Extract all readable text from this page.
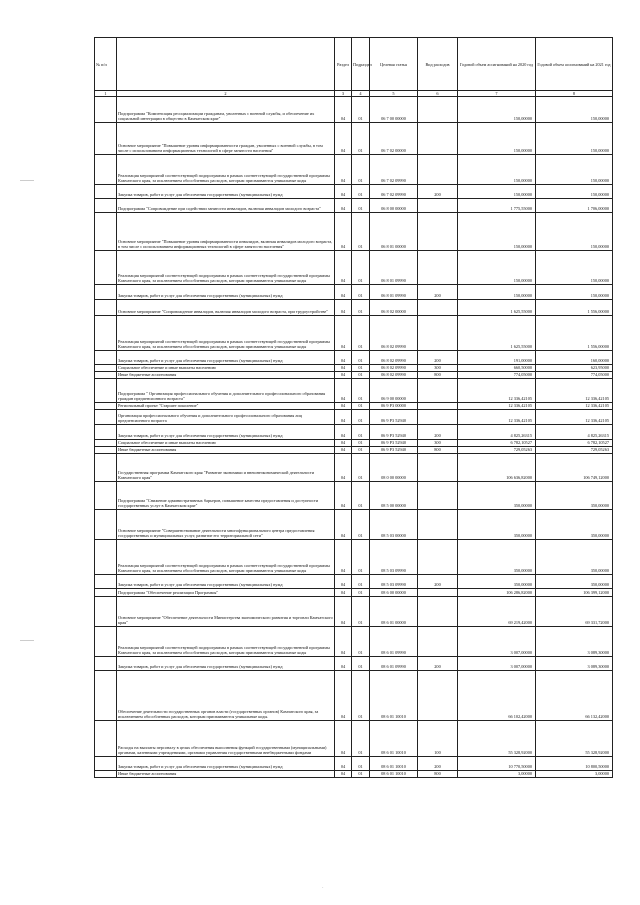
№ п/п		Раздел	Подраздел	Целевая статья	Вид расходов	Годовой объем ассигнований на 2020 год	Годовой объем ассигнований на 2021 год
1	2	3	4	5	6	7	8
	Подпрограмма "Компенсация ресоциализации гражданам, уволенных с военной службы, и обеспечение их социальной интеграции в общество в Камчатском крае"	04	01	06 7 00 00000		150,00000	150,00000
	Основное мероприятие "Повышение уровня информированности граждан, уволенных с военной службы, в том числе с использованием информационных технологий в сфере занятости населения"	04	01	06 7 02 00000		150,00000	150,00000
	Реализация мероприятий соответствующей подпрограммы в рамках соответствующей государственной программы Камчатского края, за исключением обособленных расходов, которым присваиваются уникальные коды	04	01	06 7 02 09990		150,00000	150,00000
	Закупка товаров, работ и услуг для обеспечения государственных (муниципальных) нужд	04	01	06 7 02 09990	200	150,00000	150,00000
	Подпрограмма "Сопровождение при содействии занятости инвалидов, включая инвалидов молодого возраста"	04	01	06 8 00 00000		1 775,55000	1 706,00000
	Основное мероприятие "Повышение уровня информированности инвалидов, включая инвалидов молодого возраста, в том числе с использованием информационных технологий в сфере занятости населения"	04	01	06 8 01 00000		150,00000	150,00000
	Реализация мероприятий соответствующей подпрограммы в рамках соответствующей государственной программы Камчатского края, за исключением обособленных расходов, которым присваиваются уникальные коды	04	01	06 8 01 09990		150,00000	150,00000
	Закупка товаров, работ и услуг для обеспечения государственных (муниципальных) нужд	04	01	06 8 01 09990	200	150,00000	150,00000
	Основное мероприятие "Сопровождение инвалидов, включая инвалидов молодого возраста, при трудоустройстве"	04	01	06 8 02 00000		1 625,55000	1 556,00000
	Реализация мероприятий соответствующей подпрограммы в рамках соответствующей государственной программы Камчатского края, за исключением обособленных расходов, которым присваиваются уникальные коды	04	01	06 8 02 09990		1 625,55000	1 556,00000
	Закупка товаров, работ и услуг для обеспечения государственных (муниципальных) нужд	04	01	06 8 02 09990	200	191,00000	160,00000
	Социальное обеспечение и иные выплаты населению	04	01	06 8 02 09990	300	660,50000	623,95000
	Иные бюджетные ассигнования	04	01	06 8 02 09990	800	774,05000	774,05000
	Подпрограмма " Организация профессионального обучения и дополнительного профессионального образования граждан предпенсионного возраста"	04	01	06 9 00 00000		12 336,42105	12 336,42105
	Региональный проект "Старшее поколение"	04	01	06 9 P3 00000		12 336,42105	12 336,42105
	Организация профессионального обучения и дополнительного профессионального образования лиц предпенсионного возраста	04	01	06 9 P3 52940		12 336,42105	12 336,42105
	Закупка товаров, работ и услуг для обеспечения государственных (муниципальных) нужд	04	01	06 9 P3 52940	200	4 825,26315	4 825,26315
	Социальное обеспечение и иные выплаты населению	04	01	06 9 P3 52940	300	6 782,10527	6 782,10527
	Иные бюджетные ассигнования	04	01	06 9 P3 52940	800	729,05263	729,05263
	Государственная программа Камчатского края "Развитие экономики и внешнеэкономической деятельности Камчатского края"	04	01	08 0 00 00000		106 636,82000	106 749,12000
	Подпрограмма "Снижение административных барьеров, повышение качества предоставления и доступности государственных услуг в Камчатском крае"	04	01	08 5 00 00000		350,00000	350,00000
	Основное мероприятие "Совершенствование деятельности многофункционального центра предоставления государственных и муниципальных услуг, развитие его территориальной сети"	04	01	08 5 03 00000		350,00000	350,00000
	Реализация мероприятий соответствующей подпрограммы в рамках соответствующей государственной программы Камчатского края, за исключением обособленных расходов, которым присваиваются уникальные коды	04	01	08 5 03 09990		350,00000	350,00000
	Закупка товаров, работ и услуг для обеспечения государственных (муниципальных) нужд	04	01	08 5 03 09990	200	350,00000	350,00000
	Подпрограмма "Обеспечение реализации Программы"	04	01	08 6 00 00000		106 286,82000	106 399,12000
	Основное мероприятие "Обеспечение деятельности Министерства экономического развития и торговли Камчатского края"	04	01	08 6 01 00000		69 219,42000	69 331,72000
	Реализация мероприятий соответствующей подпрограммы в рамках соответствующей государственной программы Камчатского края, за исключением обособленных расходов, которым присваиваются уникальные коды	04	01	08 6 01 09990		3 007,00000	3 089,30000
	Закупка товаров, работ и услуг для обеспечения государственных (муниципальных) нужд	04	01	08 6 01 09990	200	3 007,00000	3 089,30000
	Обеспечение деятельности государственных органов власти (государственных органов) Камчатского края, за исключением обособленных расходов, которым присваиваются уникальные коды.	04	01	08 6 01 10010		66 102,42000	66 132,42000
	Расходы на выплаты персоналу в целях обеспечения выполнения функций государственными (муниципальными) органами, казенными учреждениями, органами управления государственными внебюджетными фондами	04	01	08 6 01 10010	100	55 328,92000	55 328,92000
	Закупка товаров, работ и услуг для обеспечения государственных (муниципальных) нужд	04	01	08 6 01 10010	200	10 770,50000	10 800,50000
	Иные бюджетные ассигнования	04	01	08 6 01 10010	800	3,00000	3,00000
·
